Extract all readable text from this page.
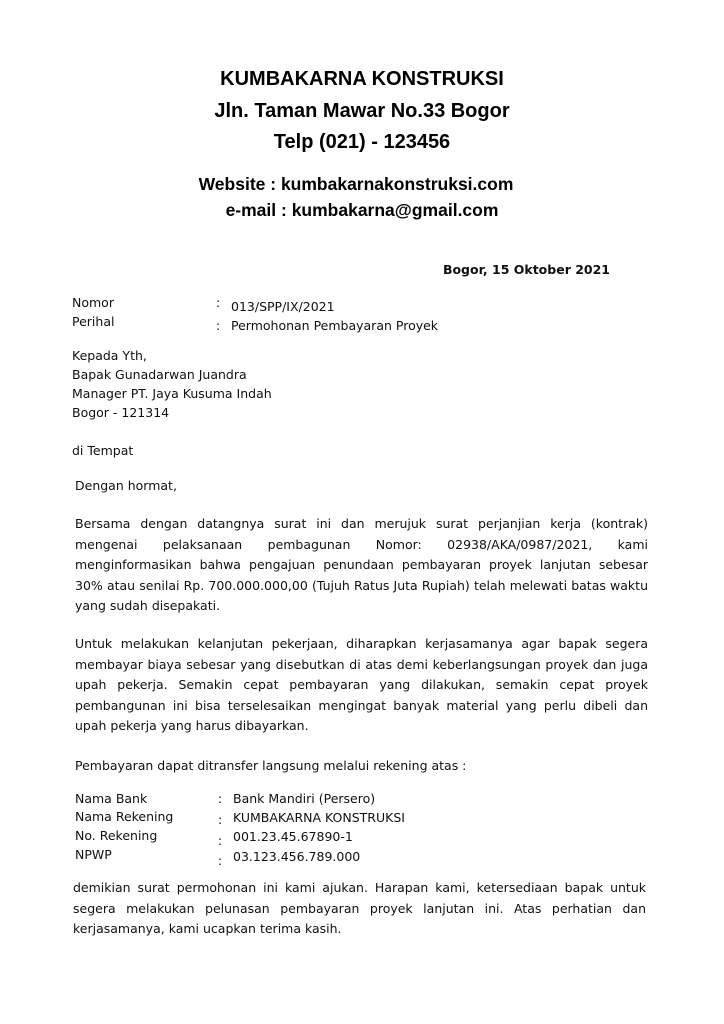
KUMBAKARNA KONSTRUKSI
Jln. Taman Mawar No.33 Bogor
Telp (021) - 123456
Website : kumbakarnakonstruksi.com
e-mail : kumbakarna@gmail.com
Bogor, 15 Oktober 2021
Nomor	: 013/SPP/IX/2021
Perihal	: Permohonan Pembayaran Proyek
Kepada Yth,
Bapak Gunadarwan Juandra
Manager PT. Jaya Kusuma Indah
Bogor - 121314
di Tempat
Dengan hormat,
Bersama dengan datangnya surat ini dan merujuk surat perjanjian kerja (kontrak) mengenai pelaksanaan pembagunan Nomor: 02938/AKA/0987/2021, kami menginformasikan bahwa pengajuan penundaan pembayaran proyek lanjutan sebesar 30% atau senilai Rp. 700.000.000,00 (Tujuh Ratus Juta Rupiah) telah melewati batas waktu yang sudah disepakati.
Untuk melakukan kelanjutan pekerjaan, diharapkan kerjasamanya agar bapak segera membayar biaya sebesar yang disebutkan di atas demi keberlangsungan proyek dan juga upah pekerja. Semakin cepat pembayaran yang dilakukan, semakin cepat proyek pembangunan ini bisa terselesaikan mengingat banyak material yang perlu dibeli dan upah pekerja yang harus dibayarkan.
Pembayaran dapat ditransfer langsung melalui rekening atas :
Nama Bank	: Bank Mandiri (Persero)
Nama Rekening	: KUMBAKARNA KONSTRUKSI
No. Rekening	: 001.23.45.67890-1
NPWP	: 03.123.456.789.000
demikian surat permohonan ini kami ajukan. Harapan kami, ketersediaan bapak untuk segera melakukan pelunasan pembayaran proyek lanjutan ini. Atas perhatian dan kerjasamanya, kami ucapkan terima kasih.
